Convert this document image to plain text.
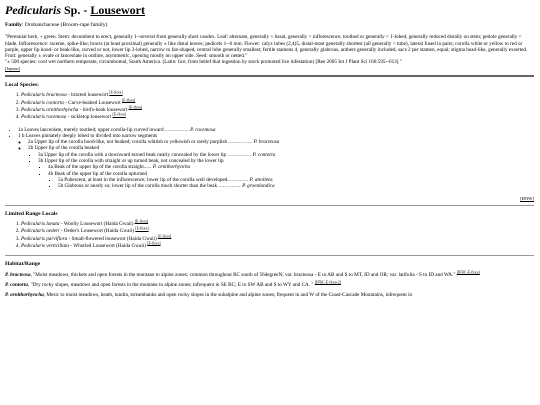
Pedicularis Sp. - Lousewort
Family: Orobanchaceae (Broom-rape family)

"Perennial herb, + green. Stem: decumbent to erect, generally 1--several from generally short caudex. Leaf: alternate, generally + basal, generally < inflorescence, toothed or generally > 1-lobed, generally reduced distally on stem; petiole generally < blade. Inflorescence: raceme, spike-like; bracts (at least proximal) generally ± like distal leaves; pedicels 1--6 mm. Flower: calyx lobes (2,4)5, distal-most generally shortest (all generally < tube), lateral fused in pairs; corolla white or yellow to red or purple, upper lip hood- or beak-like, curved or not, lower lip 3-lobed, narrow to fan-shaped, central lobe generally smallest; fertile stamens 4, generally glabrous, anthers generally included, sacs 2 per stamen, equal; stigma head-like, generally exserted. Fruit: generally ± ovate or lanceolate in outline, asymmetric, opening mostly on upper side. Seed: smooth or netted."

"± 500 species: cool wet northern temperate, circumboreal, South America. (Latin: lice, from belief that ingestion by stock promoted lice infestation) [Ree 2005 Int J Plant Sci 166:595--613] "

[Jepson]
Local Species:
1. Pedicularis bracteosa - bracted lousewort [E-flora]
2. Pedicularis contorta - Curve-beaked Lousewort [E-flora]
3. Pedicularis ornithorhyncha - bird's-beak lousewort [E-flora]
4. Pedicularis racemosa - sickletop lousewort [E-flora]
• 1a Leaves lanceolate, merely toothed; upper corolla-lip curved inward ................ P. racemosa
• 1 b Leaves pinnately deeply lobed to divided into narrow segments
◦ 2a Upper lip of the corolla hood-like, not beaked; corolla whitish to yellowish or rarely purplish ................ P. bracteosa
◦ 2b Upper lip of the corolla beaked
▪ 3a Upper lip of the corolla with a downward turned beak nearly concealed by the lower lip ................ P. contorta
▪ 3b Upper lip of the corolla with straight or up turned beak, not concealed by the lower lip
▪ 4a Beak of the upper lip of the corolla straight...... P. ornithorhyncha
▪ 4b Beak of the upper lip of the corolla upturned
▪ 5a Pubescent, at least in the inflorescence; lower lip of the corolla well developed.............. P. attollens
▪ 5b Glabrous or nearly so; lower lip of the corolla much shorter than the beak ............... P. groenlandica
[HNW]
Limited Range Locals
1. Pedicularis lanata - Woolly Lousewort (Haida Gwaii) [E-flora]
2. Pedicularis oederi - Oeder's Lousewort (Haida Gwaii) [E-flora]
3. Pedicularis parviflora - Small-flowered lousewort (Haida Gwaii) [E-flora]
4. Pedicularis verticillata - Whorled Lousewort (Haida Gwaii) [E-flora]
Habitat/Range

P. bracteosa, "Moist meadows, thickets and open forests in the montane to alpine zones; common throughout BC south of 56degreeN; var. bracteosa - E to AB and S to MT, ID and OR; var. latifolia - S to ID and WA." [IFBC-E-flora]

P. contorta, "Dry rocky slopes, meadows and open forests in the montane to alpine zones; infrequent in SE BC; E to SW AB and S to WY and CA. " [IFBC-E-flora-2]

P. ornithorhyncha, Mesic to moist meadows, heath, tundra, streambanks and open rocky slopes in the subalpine and alpine zones; frequent in and W of the Coast-Cascade Mountains, infrequent in
